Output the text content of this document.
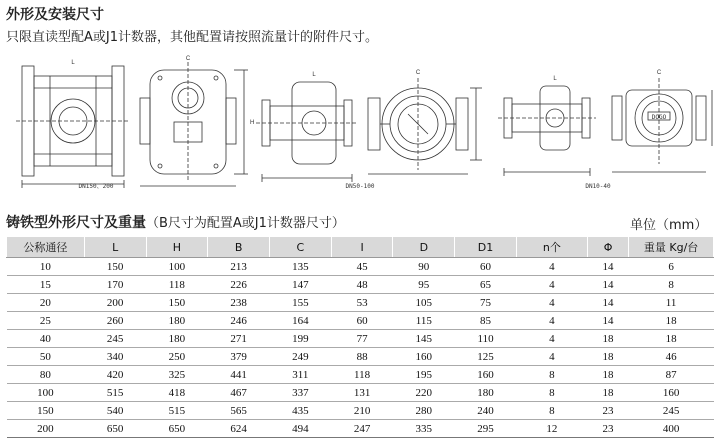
外形及安装尺寸
只限直读型配A或J1计数器，其他配置请按照流量计的附件尺寸。
L
C
H
L	C
L
C
DN150、200	DN50-100	DN10-40
DOGO
铸铁型外形尺寸及重量（B尺寸为配置A或J1计数器尺寸）	单位（mm）
公称通径	L	H	B	C	I	D	D1	n个	Φ	重量 Kg/台
10	150	100	213	135	45	90	60	4	14	6
15	170	118	226	147	48	95	65	4	14	8
20	200	150	238	155	53	105	75	4	14	11
25	260	180	246	164	60	115	85	4	14	18
40	245	180	271	199	77	145	110	4	18	18
50	340	250	379	249	88	160	125	4	18	46
80	420	325	441	311	118	195	160	8	18	87
100	515	418	467	337	131	220	180	8	18	160
150	540	515	565	435	210	280	240	8	23	245
200	650	650	624	494	247	335	295	12	23	400
